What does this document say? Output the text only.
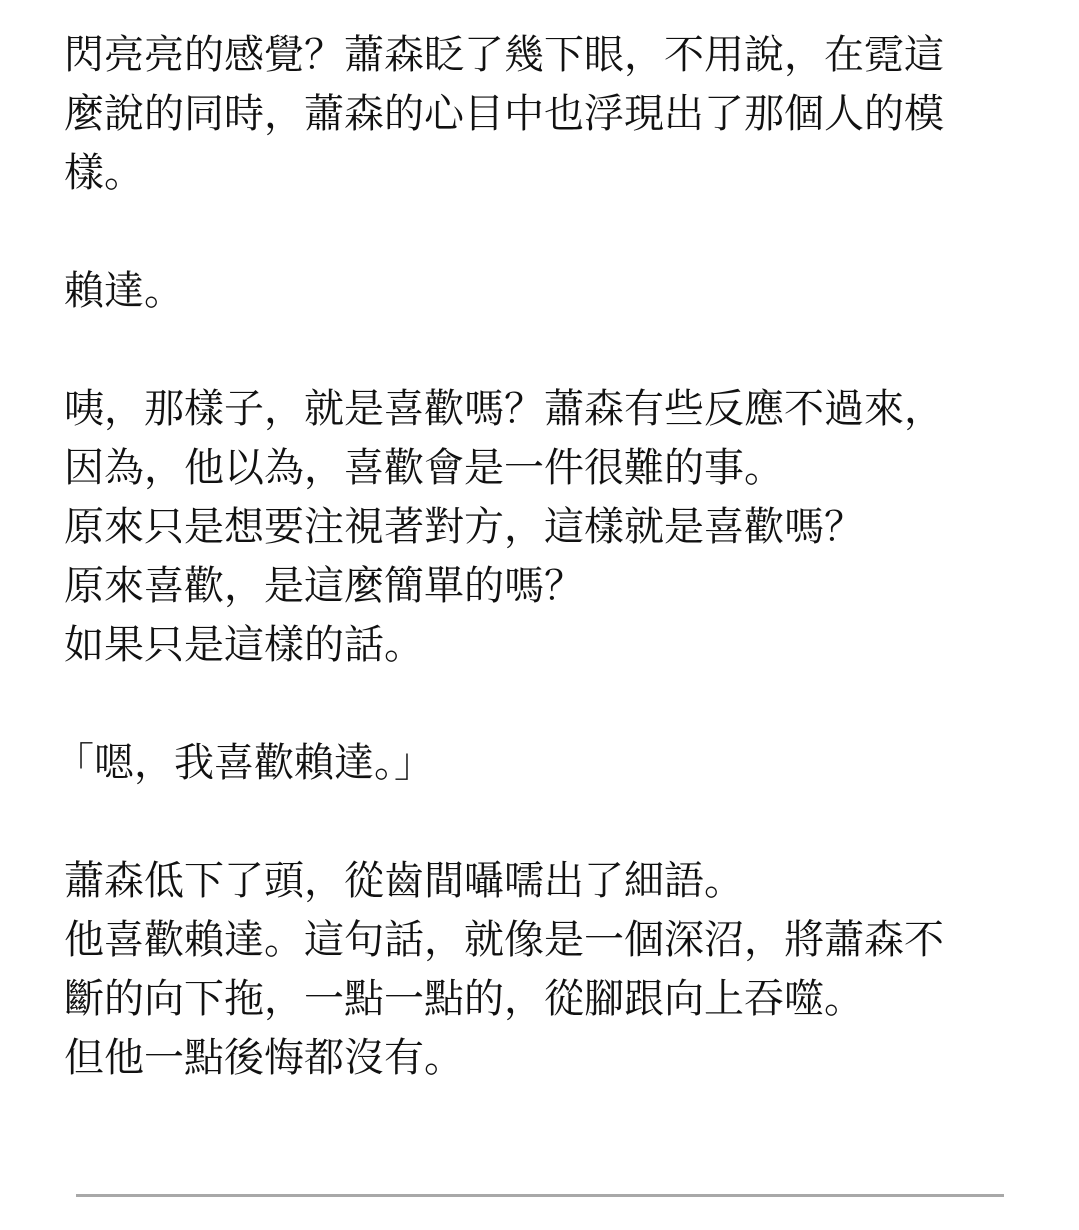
閃亮亮的感覺？蕭森眨了幾下眼，不用說，在霓這
麼說的同時，蕭森的心目中也浮現出了那個人的模
樣。
賴達。
咦，那樣子，就是喜歡嗎？蕭森有些反應不過來，
因為，他以為，喜歡會是一件很難的事。
原來只是想要注視著對方，這樣就是喜歡嗎？
原來喜歡，是這麼簡單的嗎？
如果只是這樣的話。
「嗯，我喜歡賴達。」
蕭森低下了頭，從齒間囁嚅出了細語。
他喜歡賴達。這句話，就像是一個深沼，將蕭森不
斷的向下拖，一點一點的，從腳跟向上吞噬。
但他一點後悔都沒有。
